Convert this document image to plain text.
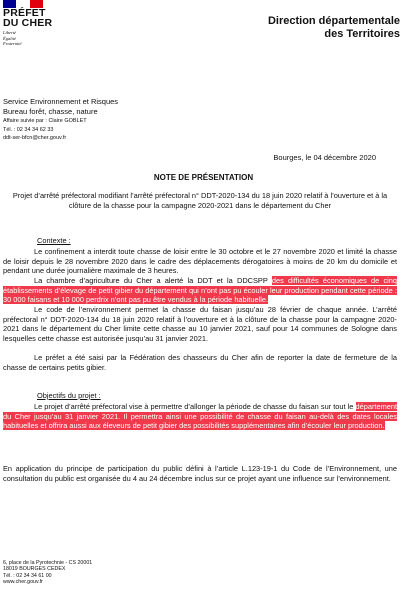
PRÉFET
DU CHER
Liberté
Égalité
Fraternité
Direction départementale
des Territoires
Service Environnement et Risques
Bureau forêt, chasse, nature
Affaire suivie par : Claire GOBLET
Tél. : 02 34 34 62 33
ddt-ser-bfcn@cher.gouv.fr
Bourges, le 04 décembre 2020
NOTE DE PRÉSENTATION
Projet d’arrêté préfectoral modifiant l’arrêté préfectoral n° DDT-2020-134 du 18 juin 2020 relatif à l’ouverture et à la clôture de la chasse pour la campagne 2020-2021 dans le département du Cher
Contexte :
Le confinement a interdit toute chasse de loisir entre le 30 octobre et le 27 novembre 2020 et limité la chasse de loisir depuis le 28 novembre 2020 dans le cadre des déplacements dérogatoires à moins de 20 km du domicile et pendant une durée journalière maximale de 3 heures.
La chambre d’agriculture du Cher a alerté la DDT et la DDCSPP des difficultés économiques de cinq établissements d’élevage de petit gibier du département qui n’ont pas pu écouler leur production pendant cette période : 30 000 faisans et 10 000 perdrix n’ont pas pu être vendus à la période habituelle.
Le code de l’environnement permet la chasse du faisan jusqu’au 28 février de chaque année. L’arrêté préfectoral n° DDT-2020-134 du 18 juin 2020 relatif à l’ouverture et à la clôture de la chasse pour la campagne 2020-2021 dans le département du Cher limite cette chasse au 10 janvier 2021, sauf pour 14 communes de Sologne dans lesquelles cette chasse est autorisée jusqu’au 31 janvier 2021.
Le préfet a été saisi par la Fédération des chasseurs du Cher afin de reporter la date de fermeture de la chasse de certains petits gibier.
Objectifs du projet :
Le projet d’arrêté préfectoral vise à permettre d’allonger la période de chasse du faisan sur tout le département du Cher jusqu’au 31 janvier 2021. Il permettra ainsi une possibilité de chasse du faisan au-delà des dates locales habituelles et offrira aussi aux éleveurs de petit gibier des possibilités supplémentaires afin d’écouler leur production.
En application du principe de participation du public défini à l’article L.123-19-1 du Code de l’Environnement, une consultation du public est organisée du 4 au 24 décembre inclus sur ce projet ayant une influence sur l’environnement.
6, place de la Pyrotechnie - CS 20001
18019 BOURGES CEDEX
Tél. : 02 34 34 61 00
www.cher.gouv.fr
